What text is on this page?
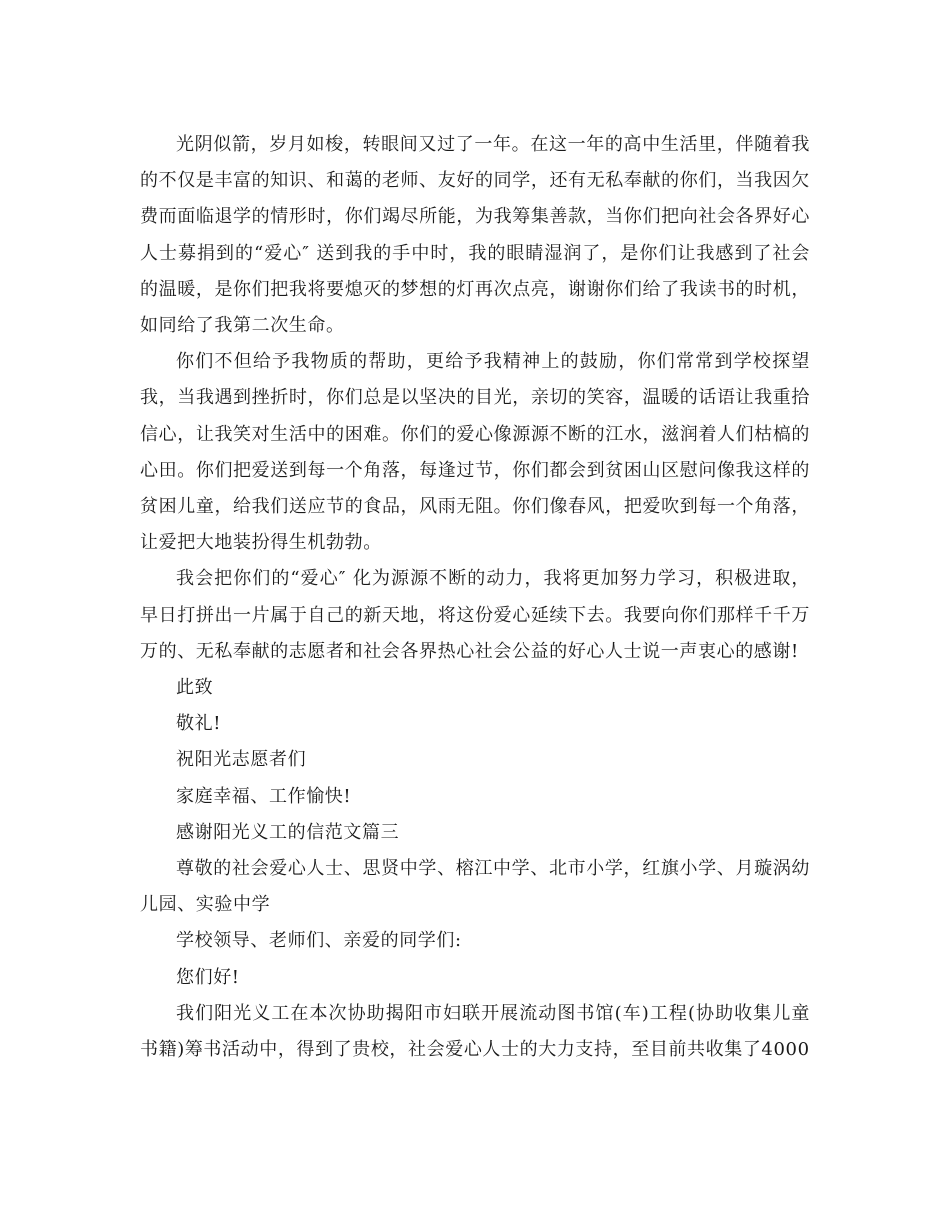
光阴似箭，岁月如梭，转眼间又过了一年。在这一年的高中生活里，伴随着我的不仅是丰富的知识、和蔼的老师、友好的同学，还有无私奉献的你们，当我因欠费而面临退学的情形时，你们竭尽所能，为我筹集善款，当你们把向社会各界好心人士募捐到的“爱心″ 送到我的手中时，我的眼睛湿润了，是你们让我感到了社会的温暖，是你们把我将要熄灭的梦想的灯再次点亮，谢谢你们给了我读书的时机，如同给了我第二次生命。

你们不但给予我物质的帮助，更给予我精神上的鼓励，你们常常到学校探望我，当我遇到挫折时，你们总是以坚决的目光，亲切的笑容，温暖的话语让我重拾信心，让我笑对生活中的困难。你们的爱心像源源不断的江水，滋润着人们枯槁的心田。你们把爱送到每一个角落，每逢过节，你们都会到贫困山区慰问像我这样的贫困儿童，给我们送应节的食品，风雨无阻。你们像春风，把爱吹到每一个角落，让爱把大地装扮得生机勃勃。

我会把你们的“爱心″ 化为源源不断的动力，我将更加努力学习，积极进取，早日打拼出一片属于自己的新天地，将这份爱心延续下去。我要向你们那样千千万万的、无私奉献的志愿者和社会各界热心社会公益的好心人士说一声衷心的感谢!

此致

敬礼!

祝阳光志愿者们

家庭幸福、工作愉快!

感谢阳光义工的信范文篇三

尊敬的社会爱心人士、思贤中学、榕江中学、北市小学，红旗小学、月璇涡幼儿园、实验中学

学校领导、老师们、亲爱的同学们:

您们好!

我们阳光义工在本次协助揭阳市妇联开展流动图书馆(车)工程(协助收集儿童书籍)筹书活动中，得到了贵校，社会爱心人士的大力支持，至目前共收集了4000
